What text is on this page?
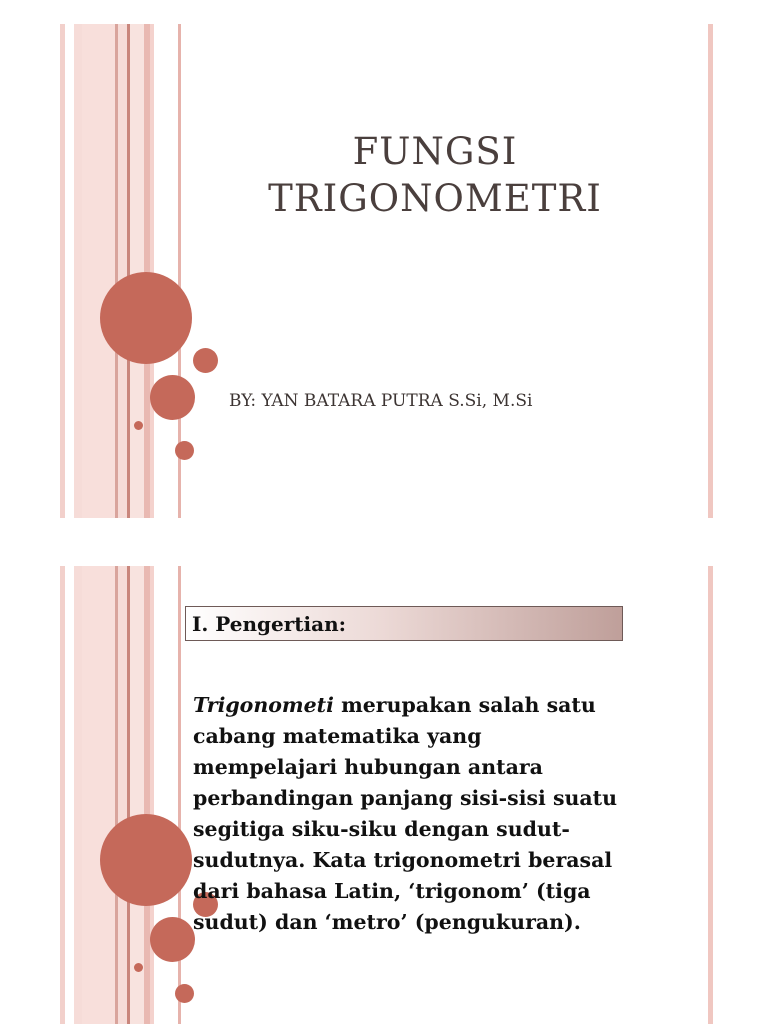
FUNGSI
TRIGONOMETRI
BY: YAN BATARA PUTRA S.Si, M.Si
I. Pengertian:
Trigonometi merupakan salah satu
cabang matematika yang
mempelajari hubungan antara
perbandingan panjang sisi-sisi suatu
segitiga siku-siku dengan sudut-
sudutnya. Kata trigonometri berasal
dari bahasa Latin, ‘trigonom’ (tiga
sudut) dan ‘metro’ (pengukuran).
